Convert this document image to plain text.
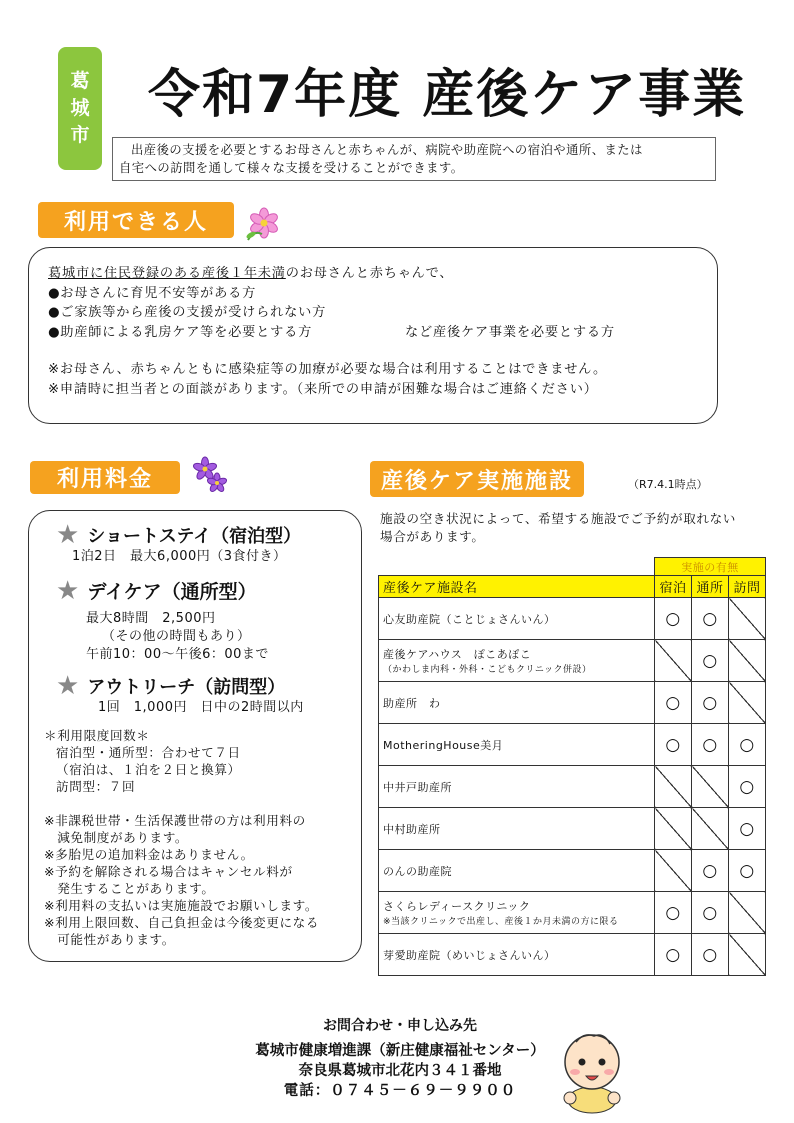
葛
城
市
令和7年度 産後ケア事業
出産後の支援を必要とするお母さんと赤ちゃんが、病院や助産院への宿泊や通所、または
自宅への訪問を通して様々な支援を受けることができます。
利用できる人
葛城市に住民登録のある産後１年未満のお母さんと赤ちゃんで、
●お母さんに育児不安等がある方
●ご家族等から産後の支援が受けられない方
●助産師による乳房ケア等を必要とする方	など産後ケア事業を必要とする方
※お母さん、赤ちゃんともに感染症等の加療が必要な場合は利用することはできません。
※申請時に担当者との面談があります。（来所での申請が困難な場合はご連絡ください）
利用料金
★ ショートステイ（宿泊型）
1泊2日　最大6,000円（3食付き）
★ デイケア（通所型）
最大8時間　2,500円
（その他の時間もあり）
午前10：00～午後6：00まで
★ アウトリーチ（訪問型）
1回　1,000円　日中の2時間以内
＊利用限度回数＊
宿泊型・通所型：合わせて７日
（宿泊は、１泊を２日と換算）
訪問型：７回
※非課税世帯・生活保護世帯の方は利用料の
　減免制度があります。
※多胎児の追加料金はありません。
※予約を解除される場合はキャンセル料が
　発生することがあります。
※利用料の支払いは実施施設でお願いします。
※利用上限回数、自己負担金は今後変更になる
　可能性があります。
産後ケア実施施設	（R7.4.1時点）
施設の空き状況によって、希望する施設でご予約が取れない
場合があります。
	実施の有無		
産後ケア施設名	宿泊	通所	訪問

心友助産院（ことじょさんいん）	○	○	

産後ケアハウス　ぽこあぽこ
（かわしま内科・外科・こどもクリニック併設）		○	

助産所　わ	○	○	

MotheringHouse美月	○	○	○

中井戸助産所			○

中村助産所			○

のんの助産院		○	○

さくらレディースクリニック
※当該クリニックで出産し、産後１か月未満の方に限る	○	○	

芽愛助産院（めいじょさんいん）	○	○	
お問合わせ・申し込み先
葛城市健康増進課（新庄健康福祉センター）
奈良県葛城市北花内３４１番地
電話：０７４５－６９－９９００
